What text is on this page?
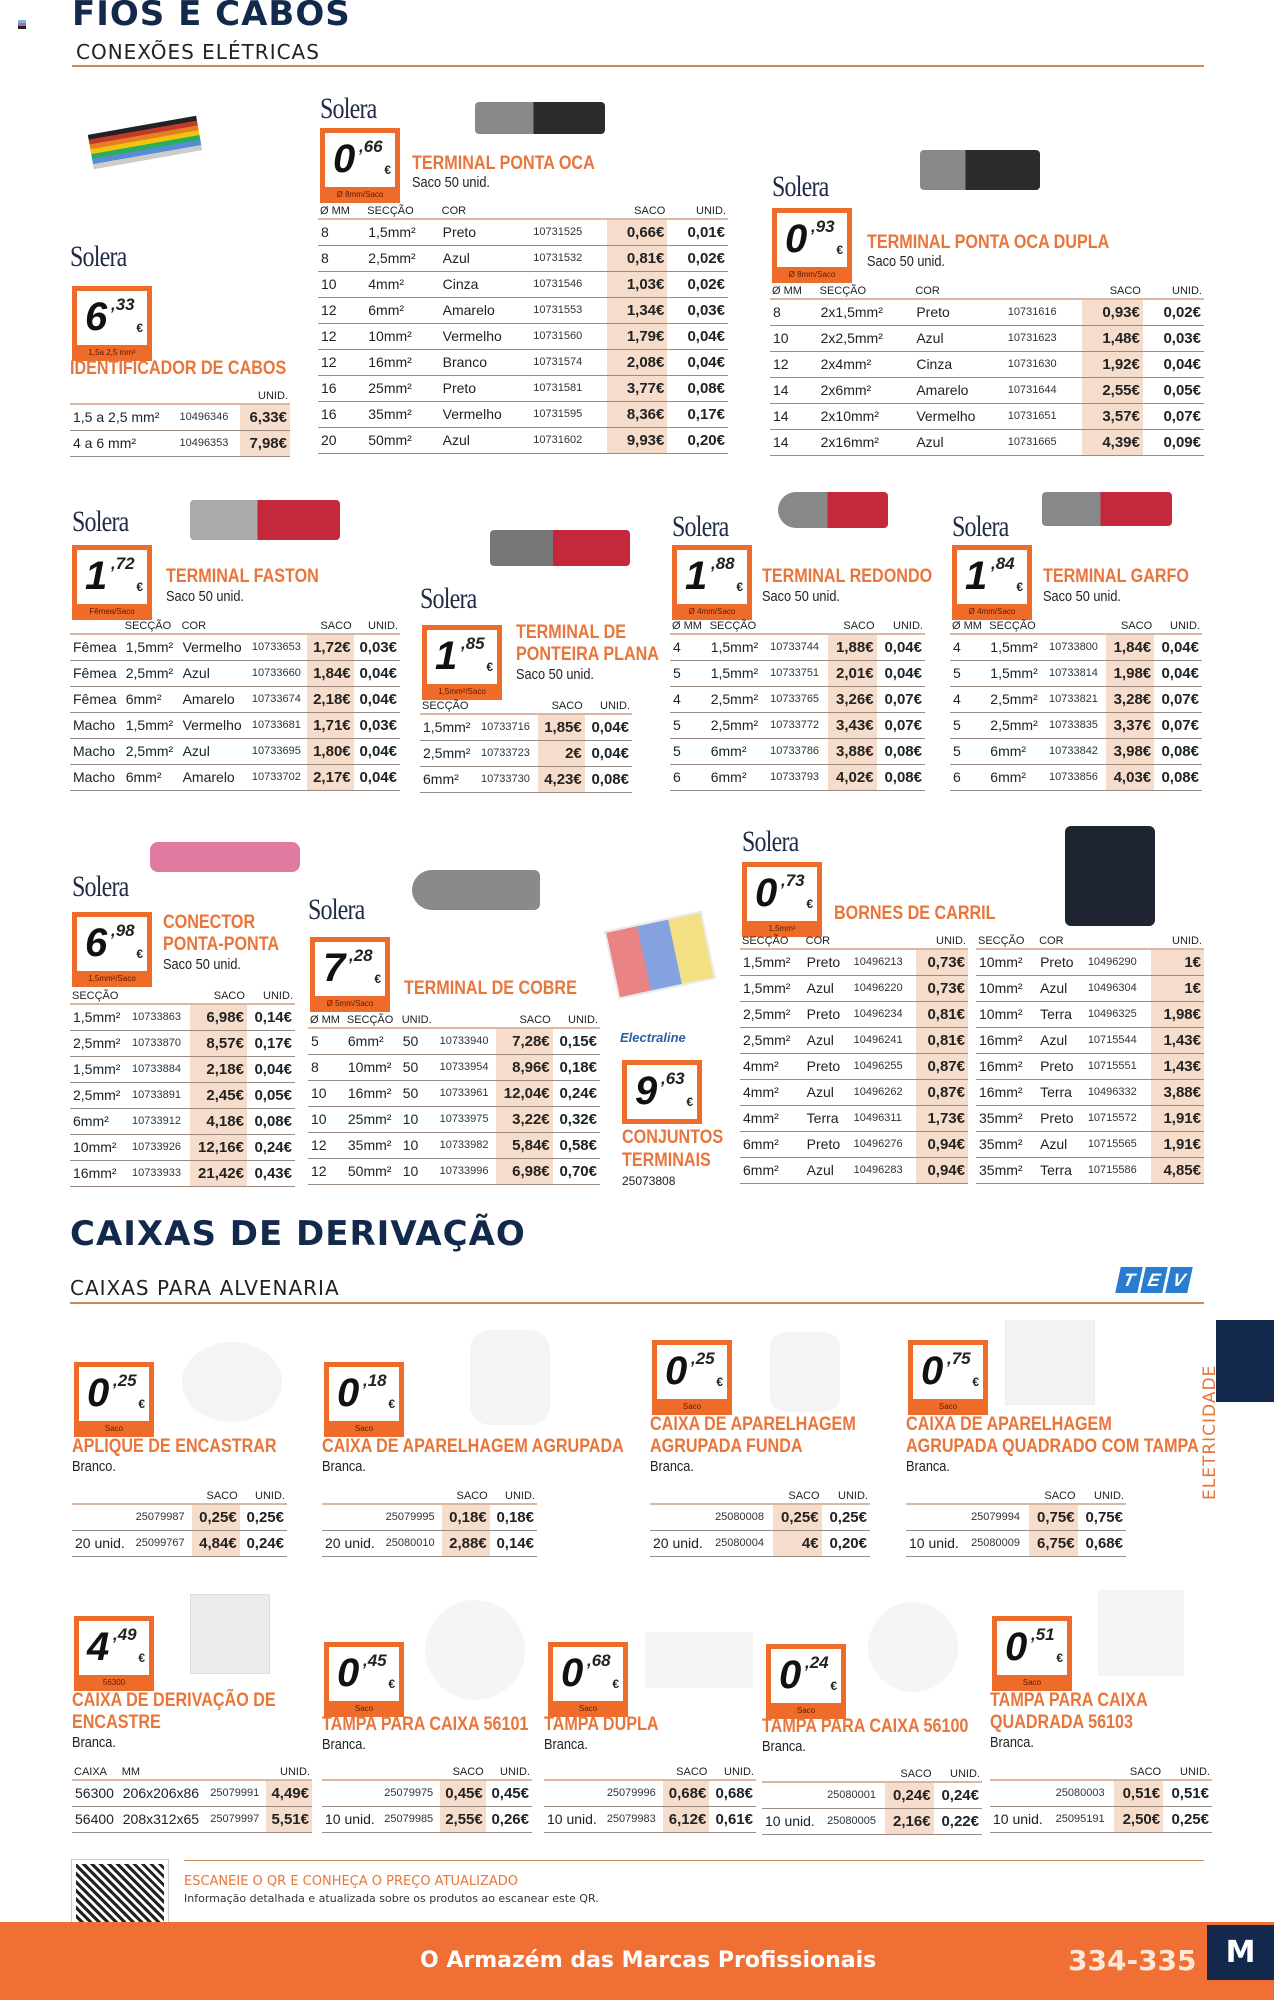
FIOS E CABOS
CONEXÕES ELÉTRICAS
Solera
6 ,33
€
1,5a 2,5 mm²
IDENTIFICADOR DE CABOS
		UNID.
1,5 a 2,5 mm²	10496346	6,33€
4 a 6 mm²	10496353	7,98€
Solera
0 ,66
€
Ø 8mm/Saco
TERMINAL PONTA OCA
Saco 50 unid.
Ø MM	SECÇÃO	COR		SACO	UNID.
8	1,5mm²	Preto	10731525	0,66€	0,01€
8	2,5mm²	Azul	10731532	0,81€	0,02€
10	4mm²	Cinza	10731546	1,03€	0,02€
12	6mm²	Amarelo	10731553	1,34€	0,03€
12	10mm²	Vermelho	10731560	1,79€	0,04€
12	16mm²	Branco	10731574	2,08€	0,04€
16	25mm²	Preto	10731581	3,77€	0,08€
16	35mm²	Vermelho	10731595	8,36€	0,17€
20	50mm²	Azul	10731602	9,93€	0,20€
Solera
0 ,93
€
Ø 8mm/Saco
TERMINAL PONTA OCA DUPLA
Saco 50 unid.
Ø MM	SECÇÃO	COR		SACO	UNID.
8	2x1,5mm²	Preto	10731616	0,93€	0,02€
10	2x2,5mm²	Azul	10731623	1,48€	0,03€
12	2x4mm²	Cinza	10731630	1,92€	0,04€
14	2x6mm²	Amarelo	10731644	2,55€	0,05€
14	2x10mm²	Vermelho	10731651	3,57€	0,07€
14	2x16mm²	Azul	10731665	4,39€	0,09€
Solera
1 ,72
€
Fêmea/Saco
TERMINAL FASTON
Saco 50 unid.
	SECÇÃO	COR		SACO	UNID.
Fêmea	1,5mm²	Vermelho	10733653	1,72€	0,03€
Fêmea	2,5mm²	Azul	10733660	1,84€	0,04€
Fêmea	6mm²	Amarelo	10733674	2,18€	0,04€
Macho	1,5mm²	Vermelho	10733681	1,71€	0,03€
Macho	2,5mm²	Azul	10733695	1,80€	0,04€
Macho	6mm²	Amarelo	10733702	2,17€	0,04€
Solera
1 ,85
€
1,5mm²/Saco
TERMINAL DE
PONTEIRA PLANA
Saco 50 unid.
SECÇÃO		SACO	UNID.
1,5mm²	10733716	1,85€	0,04€
2,5mm²	10733723	2€	0,04€
6mm²	10733730	4,23€	0,08€
Solera
1 ,88
€
Ø 4mm/Saco
TERMINAL REDONDO
Saco 50 unid.
Ø MM	SECÇÃO		SACO	UNID.
4	1,5mm²	10733744	1,88€	0,04€
5	1,5mm²	10733751	2,01€	0,04€
4	2,5mm²	10733765	3,26€	0,07€
5	2,5mm²	10733772	3,43€	0,07€
5	6mm²	10733786	3,88€	0,08€
6	6mm²	10733793	4,02€	0,08€
Solera
1 ,84
€
Ø 4mm/Saco
TERMINAL GARFO
Saco 50 unid.
Ø MM	SECÇÃO		SACO	UNID.
4	1,5mm²	10733800	1,84€	0,04€
5	1,5mm²	10733814	1,98€	0,04€
4	2,5mm²	10733821	3,28€	0,07€
5	2,5mm²	10733835	3,37€	0,07€
5	6mm²	10733842	3,98€	0,08€
6	6mm²	10733856	4,03€	0,08€
Solera
6 ,98
€
1,5mm²/Saco
CONECTOR
PONTA-PONTA
Saco 50 unid.
SECÇÃO		SACO	UNID.
1,5mm²	10733863	6,98€	0,14€
2,5mm²	10733870	8,57€	0,17€
1,5mm²	10733884	2,18€	0,04€
2,5mm²	10733891	2,45€	0,05€
6mm²	10733912	4,18€	0,08€
10mm²	10733926	12,16€	0,24€
16mm²	10733933	21,42€	0,43€
Solera
7 ,28
€
Ø 5mm/Saco
TERMINAL DE COBRE
Ø MM	SECÇÃO	UNID.		SACO	UNID.
5	6mm²	50	10733940	7,28€	0,15€
8	10mm²	50	10733954	8,96€	0,18€
10	16mm²	50	10733961	12,04€	0,24€
10	25mm²	10	10733975	3,22€	0,32€
12	35mm²	10	10733982	5,84€	0,58€
12	50mm²	10	10733996	6,98€	0,70€
Electraline
9 ,63
€
CONJUNTOS
TERMINAIS
25073808
Solera
0 ,73
€
1,5mm²
BORNES DE CARRIL
SECÇÃO	COR		UNID.
1,5mm²	Preto	10496213	0,73€
1,5mm²	Azul	10496220	0,73€
2,5mm²	Preto	10496234	0,81€
2,5mm²	Azul	10496241	0,81€
4mm²	Preto	10496255	0,87€
4mm²	Azul	10496262	0,87€
4mm²	Terra	10496311	1,73€
6mm²	Preto	10496276	0,94€
6mm²	Azul	10496283	0,94€
SECÇÃO	COR		UNID.
10mm²	Preto	10496290	1€
10mm²	Azul	10496304	1€
10mm²	Terra	10496325	1,98€
16mm²	Azul	10715544	1,43€
16mm²	Preto	10715551	1,43€
16mm²	Terra	10496332	3,88€
35mm²	Preto	10715572	1,91€
35mm²	Azul	10715565	1,91€
35mm²	Terra	10715586	4,85€
CAIXAS DE DERIVAÇÃO
CAIXAS PARA ALVENARIA	T E V
ELETRICIDADE
0 ,25
€
Saco
APLIQUE DE ENCASTRAR
Branco.
		SACO	UNID.
	25079987	0,25€	0,25€
20 unid.	25099767	4,84€	0,24€
0 ,18
€
Saco
CAIXA DE APARELHAGEM AGRUPADA
Branca.
		SACO	UNID.
	25079995	0,18€	0,18€
20 unid.	25080010	2,88€	0,14€
0 ,25
€
Saco
CAIXA DE APARELHAGEM
AGRUPADA FUNDA
Branca.
		SACO	UNID.
	25080008	0,25€	0,25€
20 unid.	25080004	4€	0,20€
0 ,75
€
Saco
CAIXA DE APARELHAGEM
AGRUPADA QUADRADO COM TAMPA
Branca.
		SACO	UNID.
	25079994	0,75€	0,75€
10 unid.	25080009	6,75€	0,68€
4 ,49
€
56300
CAIXA DE DERIVAÇÃO DE
ENCASTRE
Branca.
CAIXA	MM		UNID.
56300	206x206x86	25079991	4,49€
56400	208x312x65	25079997	5,51€
0 ,45
€
Saco
TAMPA PARA CAIXA 56101
Branca.
		SACO	UNID.
	25079975	0,45€	0,45€
10 unid.	25079985	2,55€	0,26€
0 ,68
€
Saco
TAMPA DUPLA
Branca.
		SACO	UNID.
	25079996	0,68€	0,68€
10 unid.	25079983	6,12€	0,61€
0 ,24
€
Saco
TAMPA PARA CAIXA 56100
Branca.
		SACO	UNID.
	25080001	0,24€	0,24€
10 unid.	25080005	2,16€	0,22€
0 ,51
€
Saco
TAMPA PARA CAIXA
QUADRADA 56103
Branca.
		SACO	UNID.
	25080003	0,51€	0,51€
10 unid.	25095191	2,50€	0,25€
ESCANEIE O QR E CONHEÇA O PREÇO ATUALIZADO
Informação detalhada e atualizada sobre os produtos ao escanear este QR.
O Armazém das Marcas Profissionais	334-335 M
